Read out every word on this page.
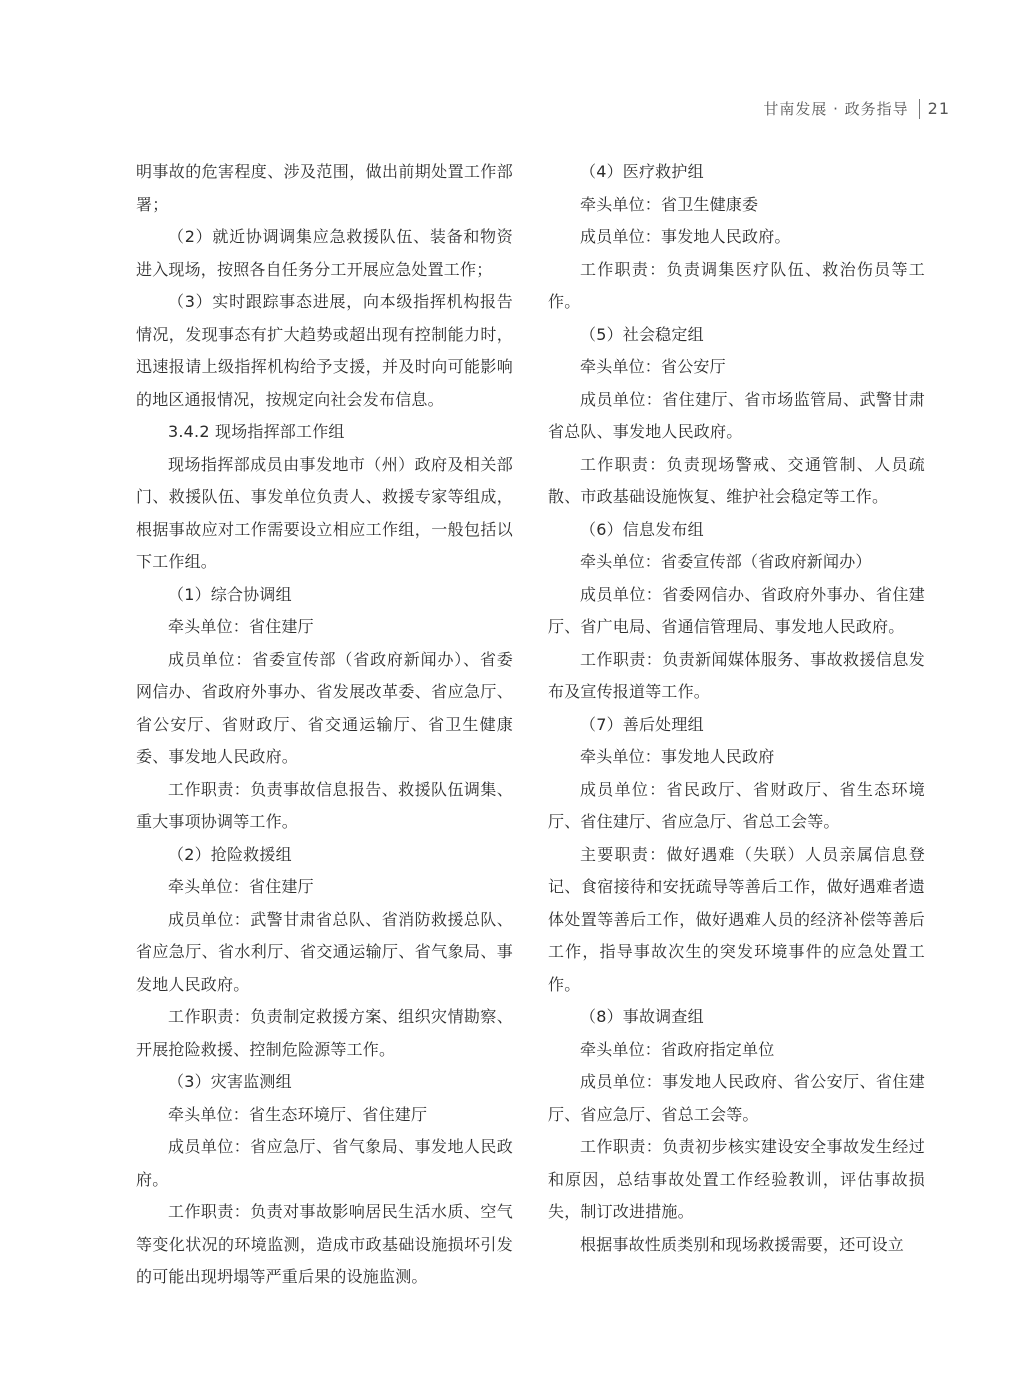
甘南发展 · 政务指导 21

明事故的危害程度、涉及范围，做出前期处置工作部署；

（2）就近协调调集应急救援队伍、装备和物资进入现场，按照各自任务分工开展应急处置工作；

（3）实时跟踪事态进展，向本级指挥机构报告情况，发现事态有扩大趋势或超出现有控制能力时，迅速报请上级指挥机构给予支援，并及时向可能影响的地区通报情况，按规定向社会发布信息。

3.4.2 现场指挥部工作组

现场指挥部成员由事发地市（州）政府及相关部门、救援队伍、事发单位负责人、救援专家等组成，根据事故应对工作需要设立相应工作组，一般包括以下工作组。

（1）综合协调组

牵头单位：省住建厅

成员单位：省委宣传部（省政府新闻办）、省委网信办、省政府外事办、省发展改革委、省应急厅、省公安厅、省财政厅、省交通运输厅、省卫生健康委、事发地人民政府。

工作职责：负责事故信息报告、救援队伍调集、重大事项协调等工作。

（2）抢险救援组

牵头单位：省住建厅

成员单位：武警甘肃省总队、省消防救援总队、省应急厅、省水利厅、省交通运输厅、省气象局、事发地人民政府。

工作职责：负责制定救援方案、组织灾情勘察、开展抢险救援、控制危险源等工作。

（3）灾害监测组

牵头单位：省生态环境厅、省住建厅

成员单位：省应急厅、省气象局、事发地人民政府。

工作职责：负责对事故影响居民生活水质、空气等变化状况的环境监测，造成市政基础设施损坏引发的可能出现坍塌等严重后果的设施监测。

（4）医疗救护组

牵头单位：省卫生健康委

成员单位：事发地人民政府。

工作职责：负责调集医疗队伍、救治伤员等工作。

（5）社会稳定组

牵头单位：省公安厅

成员单位：省住建厅、省市场监管局、武警甘肃省总队、事发地人民政府。

工作职责：负责现场警戒、交通管制、人员疏散、市政基础设施恢复、维护社会稳定等工作。

（6）信息发布组

牵头单位：省委宣传部（省政府新闻办）

成员单位：省委网信办、省政府外事办、省住建厅、省广电局、省通信管理局、事发地人民政府。

工作职责：负责新闻媒体服务、事故救援信息发布及宣传报道等工作。

（7）善后处理组

牵头单位：事发地人民政府

成员单位：省民政厅、省财政厅、省生态环境厅、省住建厅、省应急厅、省总工会等。

主要职责：做好遇难（失联）人员亲属信息登记、食宿接待和安抚疏导等善后工作，做好遇难者遗体处置等善后工作，做好遇难人员的经济补偿等善后工作，指导事故次生的突发环境事件的应急处置工作。

（8）事故调查组

牵头单位：省政府指定单位

成员单位：事发地人民政府、省公安厅、省住建厅、省应急厅、省总工会等。

工作职责：负责初步核实建设安全事故发生经过和原因，总结事故处置工作经验教训，评估事故损失，制订改进措施。

根据事故性质类别和现场救援需要，还可设立
